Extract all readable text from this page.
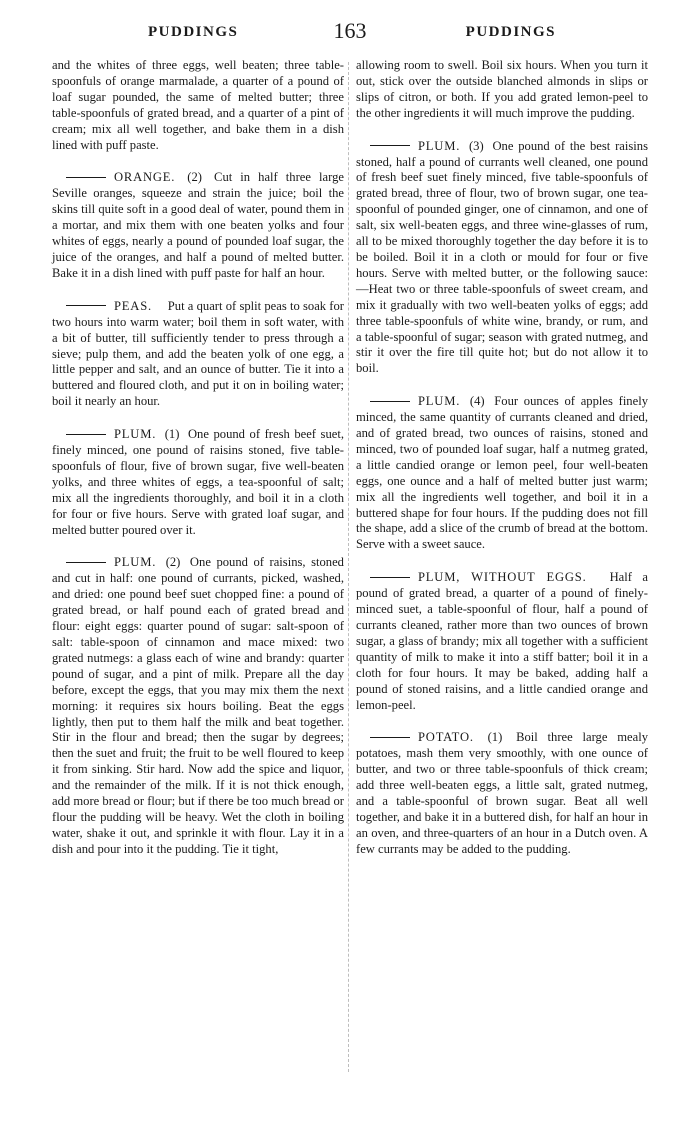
PUDDINGS	163	PUDDINGS

and the whites of three eggs, well beaten; three table-spoonfuls of orange marmalade, a quarter of a pound of loaf sugar pounded, the same of melted butter; three table-spoonfuls of grated bread, and a quarter of a pint of cream; mix all well together, and bake them in a dish lined with puff paste.

ORANGE. (2) Cut in half three large Seville oranges, squeeze and strain the juice; boil the skins till quite soft in a good deal of water, pound them in a mortar, and mix them with one beaten yolks and four whites of eggs, nearly a pound of pounded loaf sugar, the juice of the oranges, and half a pound of melted butter. Bake it in a dish lined with puff paste for half an hour.

PEAS.  Put a quart of split peas to soak for two hours into warm water; boil them in soft water, with a bit of butter, till sufficiently tender to press through a sieve; pulp them, and add the beaten yolk of one egg, a little pepper and salt, and an ounce of butter. Tie it into a buttered and floured cloth, and put it on in boiling water; boil it nearly an hour.

PLUM. (1) One pound of fresh beef suet, finely minced, one pound of raisins stoned, five table-spoonfuls of flour, five of brown sugar, five well-beaten yolks, and three whites of eggs, a tea-spoonful of salt; mix all the ingredients thoroughly, and boil it in a cloth for four or five hours. Serve with grated loaf sugar, and melted butter poured over it.

PLUM. (2) One pound of raisins, stoned and cut in half: one pound of currants, picked, washed, and dried: one pound beef suet chopped fine: a pound of grated bread, or half pound each of grated bread and flour: eight eggs: quarter pound of sugar: salt-spoon of salt: table-spoon of cinnamon and mace mixed: two grated nutmegs: a glass each of wine and brandy: quarter pound of sugar, and a pint of milk. Prepare all the day before, except the eggs, that you may mix them the next morning: it requires six hours boiling. Beat the eggs lightly, then put to them half the milk and beat together. Stir in the flour and bread; then the sugar by degrees; then the suet and fruit; the fruit to be well floured to keep it from sinking. Stir hard. Now add the spice and liquor, and the remainder of the milk. If it is not thick enough, add more bread or flour; but if there be too much bread or flour the pudding will be heavy. Wet the cloth in boiling water, shake it out, and sprinkle it with flour. Lay it in a dish and pour into it the pudding. Tie it tight,

allowing room to swell. Boil six hours. When you turn it out, stick over the outside blanched almonds in slips or slips of citron, or both. If you add grated lemon-peel to the other ingredients it will much improve the pudding.

PLUM. (3) One pound of the best raisins stoned, half a pound of currants well cleaned, one pound of fresh beef suet finely minced, five table-spoonfuls of grated bread, three of flour, two of brown sugar, one tea-spoonful of pounded ginger, one of cinnamon, and one of salt, six well-beaten eggs, and three wine-glasses of rum, all to be mixed thoroughly together the day before it is to be boiled. Boil it in a cloth or mould for four or five hours. Serve with melted butter, or the following sauce:—Heat two or three table-spoonfuls of sweet cream, and mix it gradually with two well-beaten yolks of eggs; add three table-spoonfuls of white wine, brandy, or rum, and a table-spoonful of sugar; season with grated nutmeg, and stir it over the fire till quite hot; but do not allow it to boil.

PLUM. (4) Four ounces of apples finely minced, the same quantity of currants cleaned and dried, and of grated bread, two ounces of raisins, stoned and minced, two of pounded loaf sugar, half a nutmeg grated, a little candied orange or lemon peel, four well-beaten eggs, one ounce and a half of melted butter just warm; mix all the ingredients well together, and boil it in a buttered shape for four hours. If the pudding does not fill the shape, add a slice of the crumb of bread at the bottom. Serve with a sweet sauce.

PLUM, WITHOUT EGGS.  Half a pound of grated bread, a quarter of a pound of finely-minced suet, a table-spoonful of flour, half a pound of currants cleaned, rather more than two ounces of brown sugar, a glass of brandy; mix all together with a sufficient quantity of milk to make it into a stiff batter; boil it in a cloth for four hours. It may be baked, adding half a pound of stoned raisins, and a little candied orange and lemon-peel.

POTATO. (1) Boil three large mealy potatoes, mash them very smoothly, with one ounce of butter, and two or three table-spoonfuls of thick cream; add three well-beaten eggs, a little salt, grated nutmeg, and a table-spoonful of brown sugar. Beat all well together, and bake it in a buttered dish, for half an hour in an oven, and three-quarters of an hour in a Dutch oven. A few currants may be added to the pudding.
